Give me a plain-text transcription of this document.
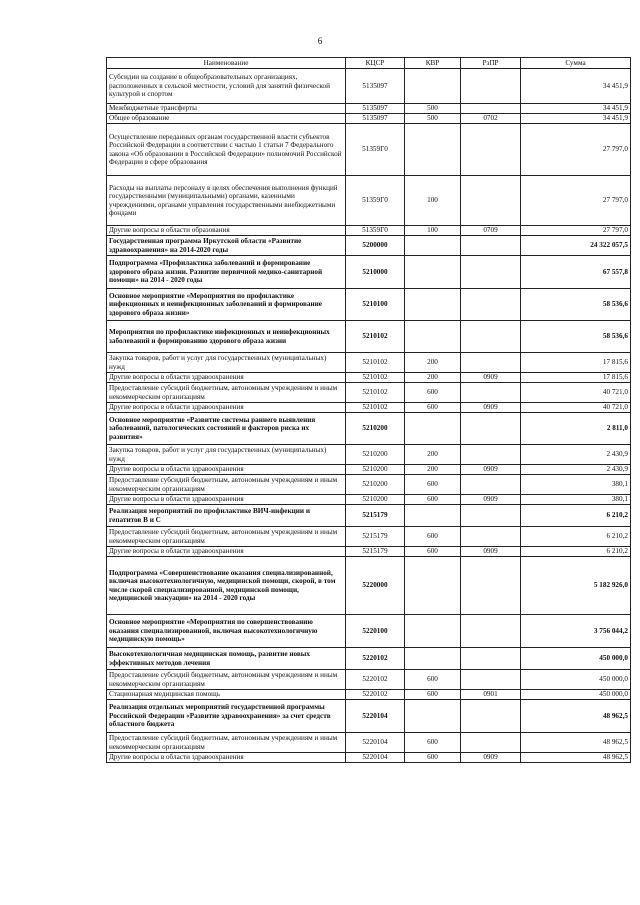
6
Наименование	КЦСР	КВР	РзПР	Сумма
Субсидии на создание в общеобразовательных организациях, расположенных в сельской местности, условий для занятий физической культурой и спортом	5135097			34 451,9
Межбюджетные трансферты	5135097	500		34 451,9
Общее образование	5135097	500	0702	34 451,9
Осуществление переданных органам государственной власти субъектов Российской Федерации в соответствии с частью 1 статьи 7 Федерального закона «Об образовании в Российской Федерации» полномочий Российской Федерации в сфере образования	51359Г0			27 797,0
Расходы на выплаты персоналу в целях обеспечения выполнения функций государственными (муниципальными) органами, казенными учреждениями, органами управления государственными внебюджетными фондами	51359Г0	100		27 797,0
Другие вопросы в области образования	51359Г0	100	0709	27 797,0
Государственная программа Иркутской области «Развитие здравоохранения» на 2014-2020 годы	5200000			24 322 057,5
Подпрограмма «Профилактика заболеваний и формирование здорового образа жизни. Развитие первичной медико-санитарной помощи» на 2014 - 2020 годы	5210000			67 557,8
Основное мероприятие «Мероприятия по профилактике инфекционных и неинфекционных заболеваний и формирование здорового образа жизни»	5210100			58 536,6
Мероприятия по профилактике инфекционных и неинфекционных заболеваний и формированию здорового образа жизни	5210102			58 536,6
Закупка товаров, работ и услуг для государственных (муниципальных) нужд	5210102	200		17 815,6
Другие вопросы в области здравоохранения	5210102	200	0909	17 815,6
Предоставление субсидий бюджетным, автономным учреждениям и иным некоммерческим организациям	5210102	600		40 721,0
Другие вопросы в области здравоохранения	5210102	600	0909	40 721,0
Основное мероприятие «Развитие системы раннего выявления заболеваний, патологических состояний и факторов риска их развития»	5210200			2 811,0
Закупка товаров, работ и услуг для государственных (муниципальных) нужд	5210200	200		2 430,9
Другие вопросы в области здравоохранения	5210200	200	0909	2 430,9
Предоставление субсидий бюджетным, автономным учреждениям и иным некоммерческим организациям	5210200	600		380,1
Другие вопросы в области здравоохранения	5210200	600	0909	380,1
Реализация мероприятий по профилактике ВИЧ-инфекции и гепатитов В и С	5215179			6 210,2
Предоставление субсидий бюджетным, автономным учреждениям и иным некоммерческим организациям	5215179	600		6 210,2
Другие вопросы в области здравоохранения	5215179	600	0909	6 210,2
Подпрограмма «Совершенствование оказания специализированной, включая высокотехнологичную, медицинской помощи, скорой, в том числе скорой специализированной, медицинской помощи, медицинской эвакуации» на 2014 - 2020 годы	5220000			5 182 926,0
Основное мероприятие «Мероприятия по совершенствованию оказания специализированной, включая высокотехнологичную медицинскую помощь»	5220100			3 756 044,2
Высокотехнологичная медицинская помощь, развитие новых эффективных методов лечения	5220102			450 000,0
Предоставление субсидий бюджетным, автономным учреждениям и иным некоммерческим организациям	5220102	600		450 000,0
Стационарная медицинская помощь	5220102	600	0901	450 000,0
Реализация отдельных мероприятий государственной программы Российской Федерации «Развитие здравоохранения» за счет средств областного бюджета	5220104			48 962,5
Предоставление субсидий бюджетным, автономным учреждениям и иным некоммерческим организациям	5220104	600		48 962,5
Другие вопросы в области здравоохранения	5220104	600	0909	48 962,5
